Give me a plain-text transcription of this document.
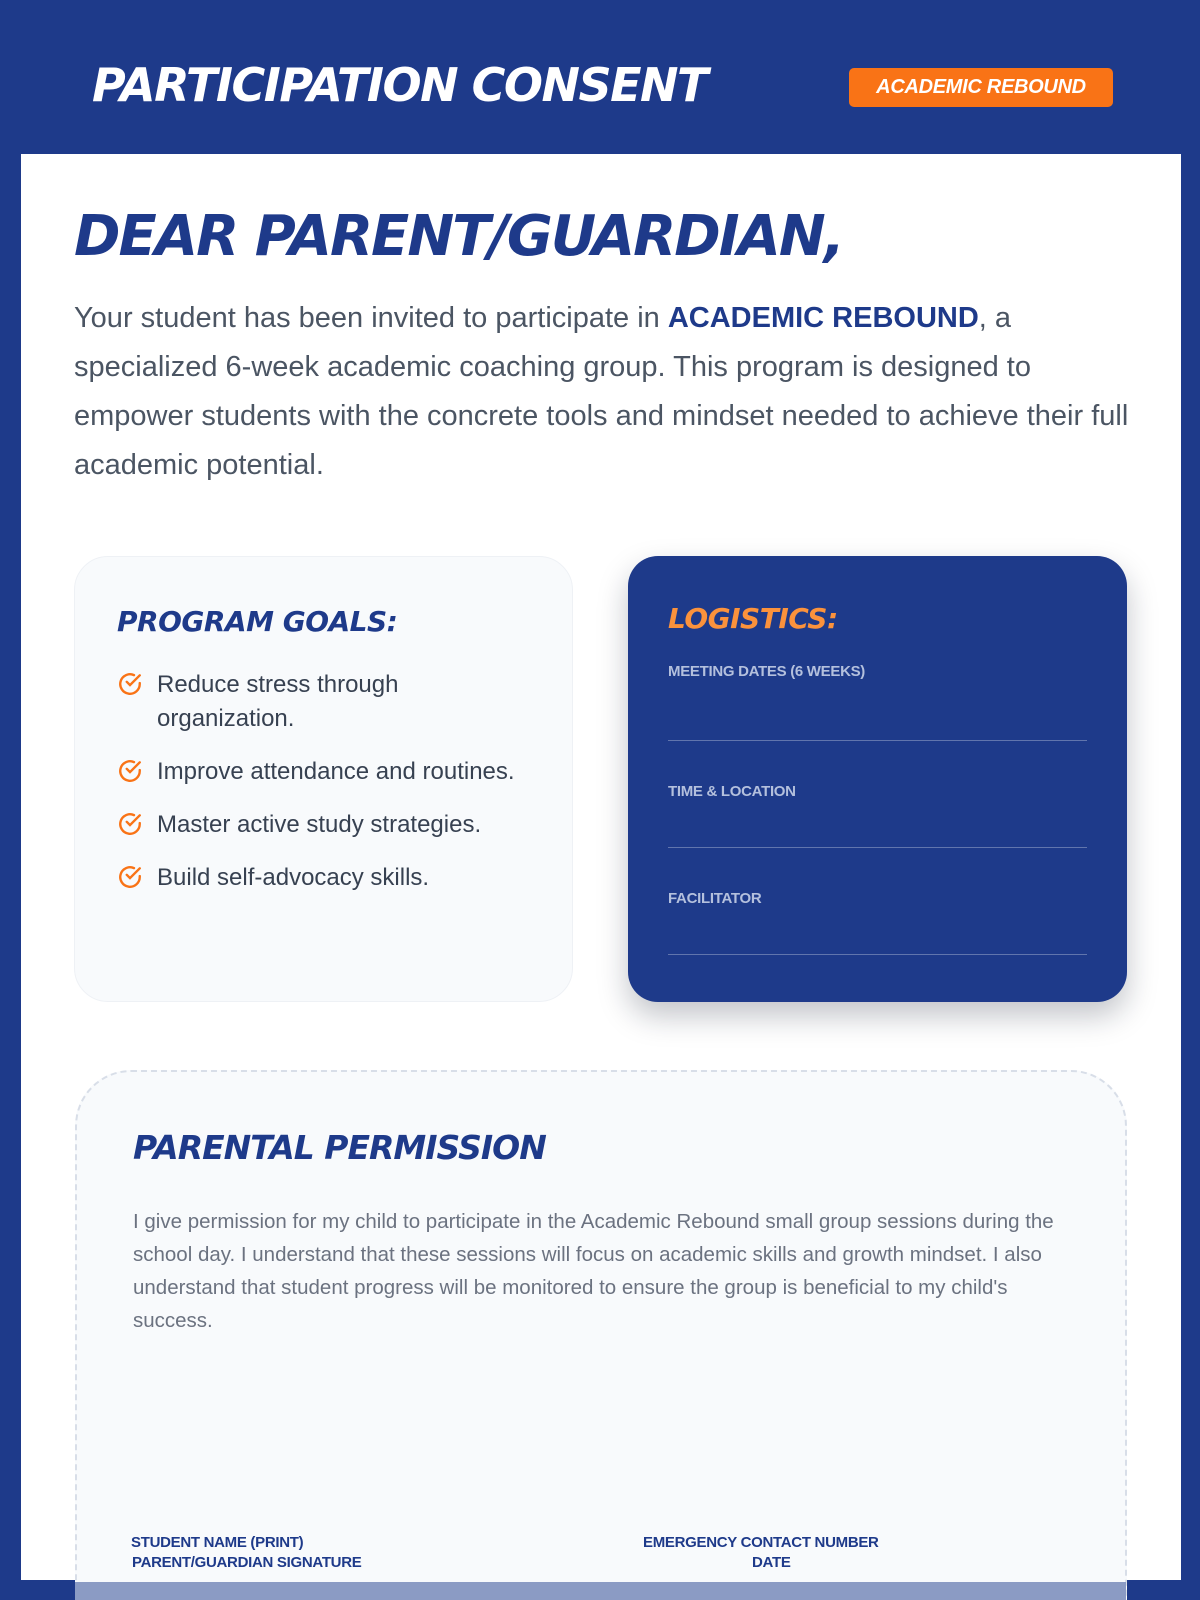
PARTICIPATION CONSENT	ACADEMIC REBOUND
DEAR PARENT/GUARDIAN,

Your student has been invited to participate in ACADEMIC REBOUND, a specialized 6-week academic coaching group. This program is designed to empower students with the concrete tools and mindset needed to achieve their full academic potential.

PROGRAM GOALS:
Reduce stress through organization.
Improve attendance and routines.
Master active study strategies.
Build self-advocacy skills.
LOGISTICS:
MEETING DATES (6 WEEKS)
TIME & LOCATION
FACILITATOR
PARENTAL PERMISSION

I give permission for my child to participate in the Academic Rebound small group sessions during the school day. I understand that these sessions will focus on academic skills and growth mindset. I also understand that student progress will be monitored to ensure the group is beneficial to my child's success.

PARENT/GUARDIAN SIGNATURE	DATE
STUDENT NAME (PRINT)	EMERGENCY CONTACT NUMBER
